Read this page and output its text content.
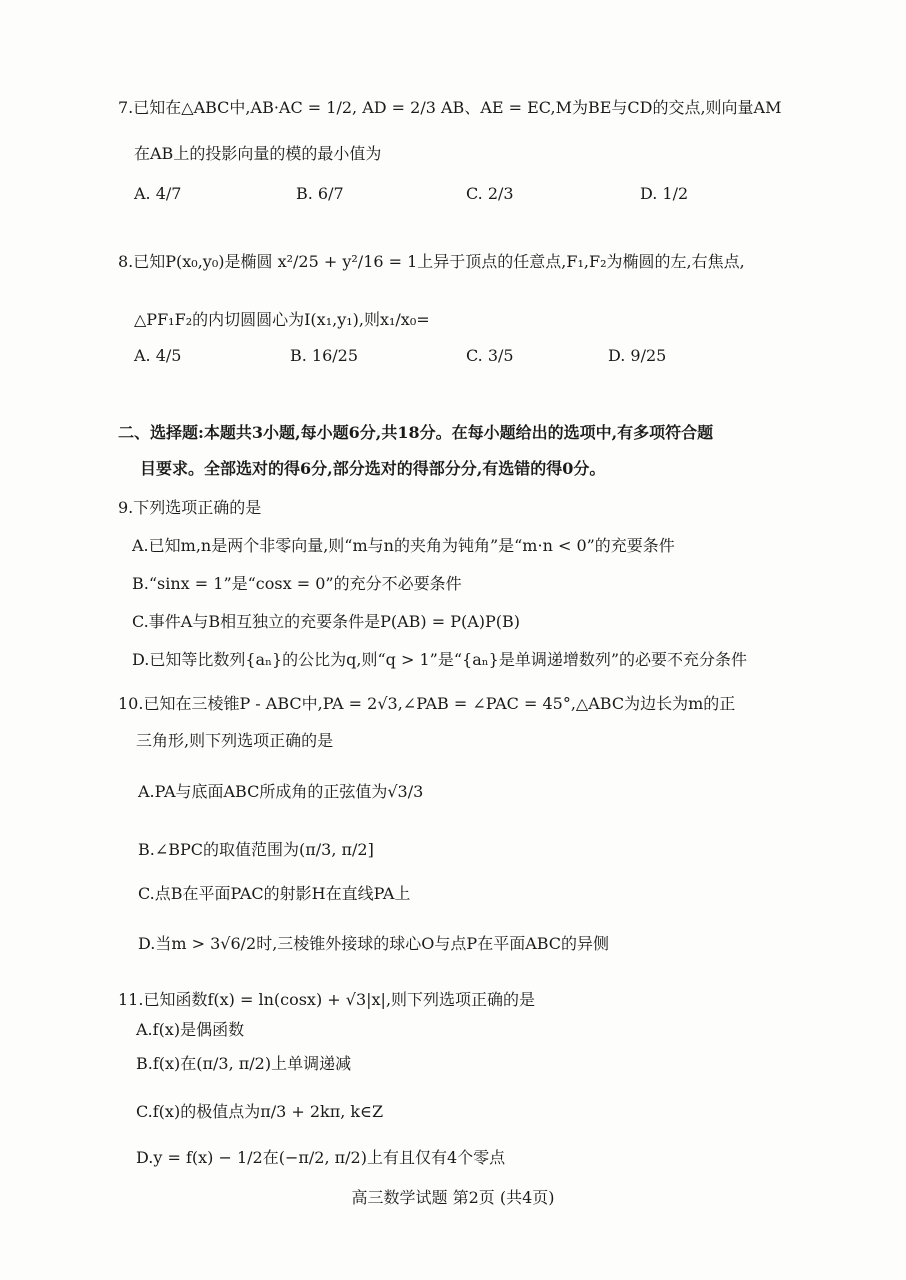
7.已知在△ABC中,AB·AC = 1/2, AD = 2/3 AB、AE = EC,M为BE与CD的交点,则向量AM
在AB上的投影向量的模的最小值为
A. 4/7	B. 6/7	C. 2/3	D. 1/2
8.已知P(x₀,y₀)是椭圆 x²/25 + y²/16 = 1上异于顶点的任意点,F₁,F₂为椭圆的左,右焦点,
△PF₁F₂的内切圆圆心为I(x₁,y₁),则x₁/x₀=
A. 4/5	B. 16/25	C. 3/5	D. 9/25
二、选择题:本题共3小题,每小题6分,共18分。在每小题给出的选项中,有多项符合题
目要求。全部选对的得6分,部分选对的得部分分,有选错的得0分。
9.下列选项正确的是
A.已知m,n是两个非零向量,则“m与n的夹角为钝角”是“m·n < 0”的充要条件
B.“sinx = 1”是“cosx = 0”的充分不必要条件
C.事件A与B相互独立的充要条件是P(AB) = P(A)P(B)
D.已知等比数列{aₙ}的公比为q,则“q > 1”是“{aₙ}是单调递增数列”的必要不充分条件
10.已知在三棱锥P - ABC中,PA = 2√3,∠PAB = ∠PAC = 45°,△ABC为边长为m的正
三角形,则下列选项正确的是
A.PA与底面ABC所成角的正弦值为√3/3
B.∠BPC的取值范围为(π/3, π/2]
C.点B在平面PAC的射影H在直线PA上
D.当m > 3√6/2时,三棱锥外接球的球心O与点P在平面ABC的异侧
11.已知函数f(x) = ln(cosx) + √3|x|,则下列选项正确的是
A.f(x)是偶函数
B.f(x)在(π/3, π/2)上单调递减
C.f(x)的极值点为π/3 + 2kπ, k∈Z
D.y = f(x) − 1/2在(−π/2, π/2)上有且仅有4个零点
高三数学试题 第2页 (共4页)
